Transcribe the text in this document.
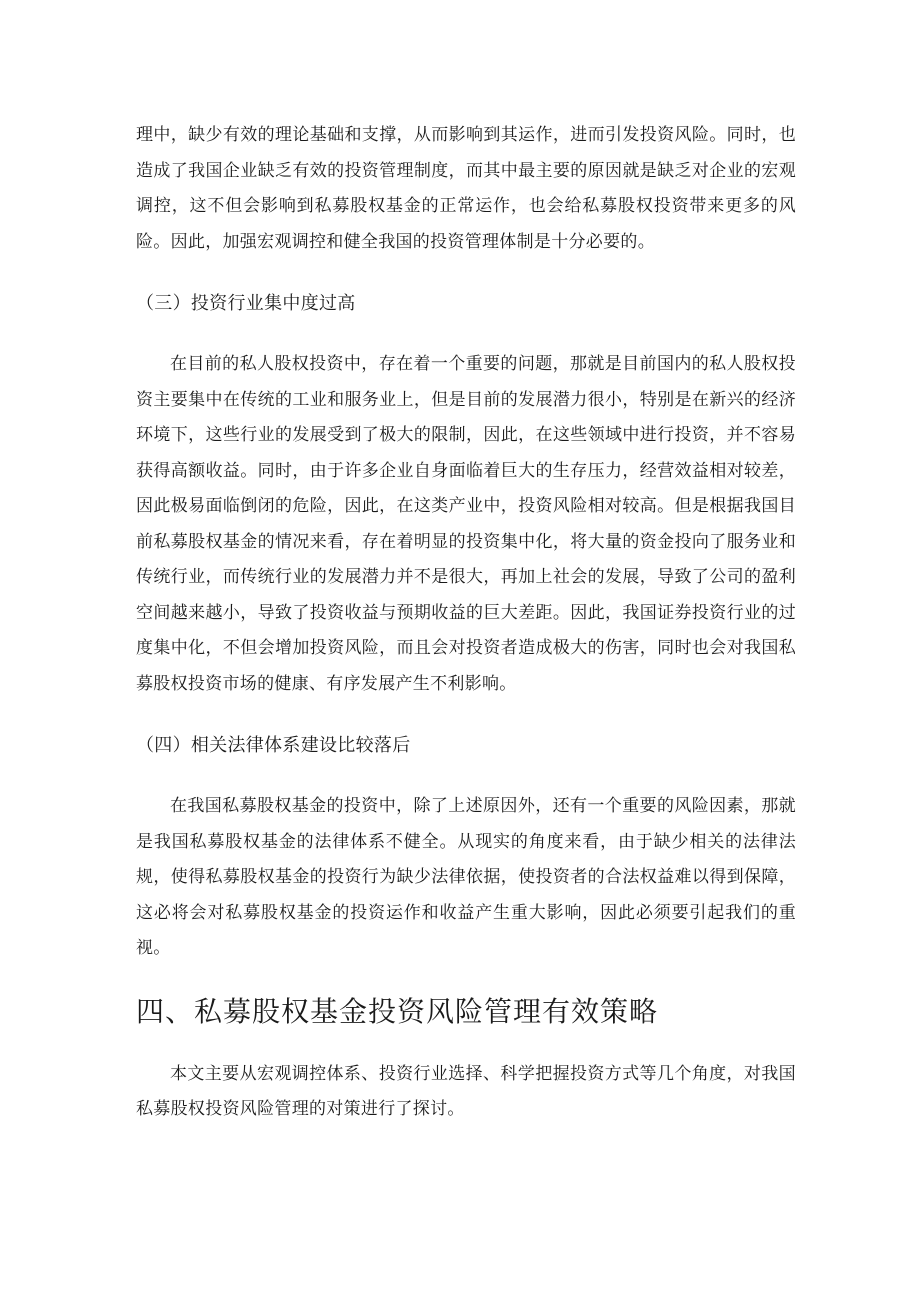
理中，缺少有效的理论基础和支撑，从而影响到其运作，进而引发投资风险。同时，也造成了我国企业缺乏有效的投资管理制度，而其中最主要的原因就是缺乏对企业的宏观调控，这不但会影响到私募股权基金的正常运作，也会给私募股权投资带来更多的风险。因此，加强宏观调控和健全我国的投资管理体制是十分必要的。

（三）投资行业集中度过高

在目前的私人股权投资中，存在着一个重要的问题，那就是目前国内的私人股权投资主要集中在传统的工业和服务业上，但是目前的发展潜力很小，特别是在新兴的经济环境下，这些行业的发展受到了极大的限制，因此，在这些领域中进行投资，并不容易获得高额收益。同时，由于许多企业自身面临着巨大的生存压力，经营效益相对较差，因此极易面临倒闭的危险，因此，在这类产业中，投资风险相对较高。但是根据我国目前私募股权基金的情况来看，存在着明显的投资集中化，将大量的资金投向了服务业和传统行业，而传统行业的发展潜力并不是很大，再加上社会的发展，导致了公司的盈利空间越来越小，导致了投资收益与预期收益的巨大差距。因此，我国证券投资行业的过度集中化，不但会增加投资风险，而且会对投资者造成极大的伤害，同时也会对我国私募股权投资市场的健康、有序发展产生不利影响。

（四）相关法律体系建设比较落后

在我国私募股权基金的投资中，除了上述原因外，还有一个重要的风险因素，那就是我国私募股权基金的法律体系不健全。从现实的角度来看，由于缺少相关的法律法规，使得私募股权基金的投资行为缺少法律依据，使投资者的合法权益难以得到保障，这必将会对私募股权基金的投资运作和收益产生重大影响，因此必须要引起我们的重视。

四、私募股权基金投资风险管理有效策略

本文主要从宏观调控体系、投资行业选择、科学把握投资方式等几个角度，对我国私募股权投资风险管理的对策进行了探讨。
